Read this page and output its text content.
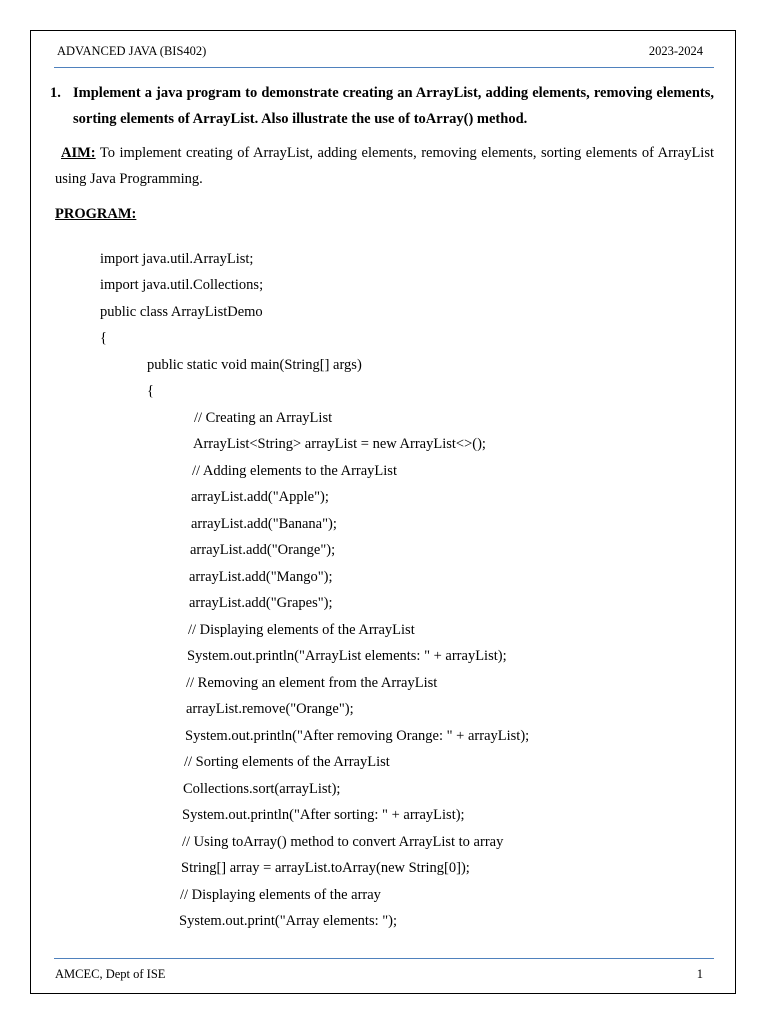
ADVANCED JAVA (BIS402)	2023-2024
1. Implement a java program to demonstrate creating an ArrayList, adding elements, removing elements, sorting elements of ArrayList. Also illustrate the use of toArray() method.
AIM: To implement creating of ArrayList, adding elements, removing elements, sorting elements of ArrayList using Java Programming.
PROGRAM:
import java.util.ArrayList;
import java.util.Collections;
public class ArrayListDemo
{
public static void main(String[] args)
{
// Creating an ArrayList
ArrayList<String> arrayList = new ArrayList<>();
// Adding elements to the ArrayList
arrayList.add("Apple");
arrayList.add("Banana");
arrayList.add("Orange");
arrayList.add("Mango");
arrayList.add("Grapes");
// Displaying elements of the ArrayList
System.out.println("ArrayList elements: " + arrayList);
// Removing an element from the ArrayList
arrayList.remove("Orange");
System.out.println("After removing Orange: " + arrayList);
// Sorting elements of the ArrayList
Collections.sort(arrayList);
System.out.println("After sorting: " + arrayList);
// Using toArray() method to convert ArrayList to array
String[] array = arrayList.toArray(new String[0]);
// Displaying elements of the array
System.out.print("Array elements: ");
AMCEC, Dept of ISE	1
